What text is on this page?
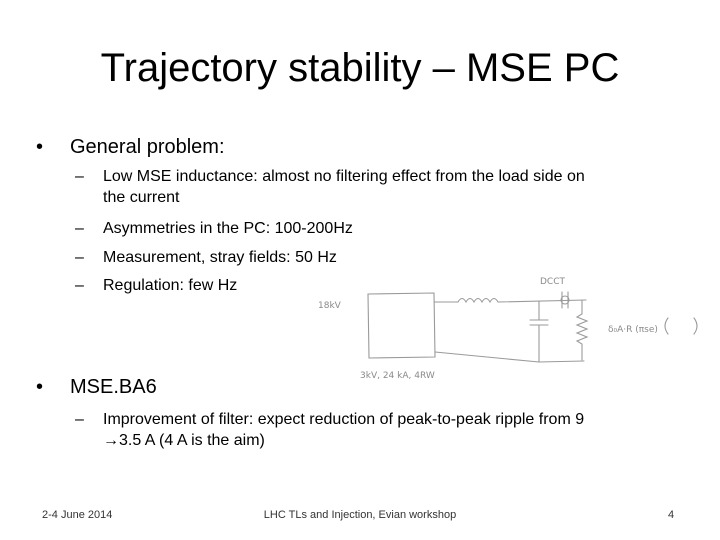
Trajectory stability – MSE PC
• General problem:
– Low MSE inductance: almost no filtering effect from the load side on
the current
– Asymmetries in the PC: 100-200Hz
– Measurement, stray fields: 50 Hz
– Regulation: few Hz
18kV
DCCT
δ₀A·R (πse)
3kV, 24 kA, 4RW
• MSE.BA6
– Improvement of filter: expect reduction of peak-to-peak ripple from 9
→3.5 A (4 A is the aim)
2-4 June 2014	LHC TLs and Injection, Evian workshop	4
